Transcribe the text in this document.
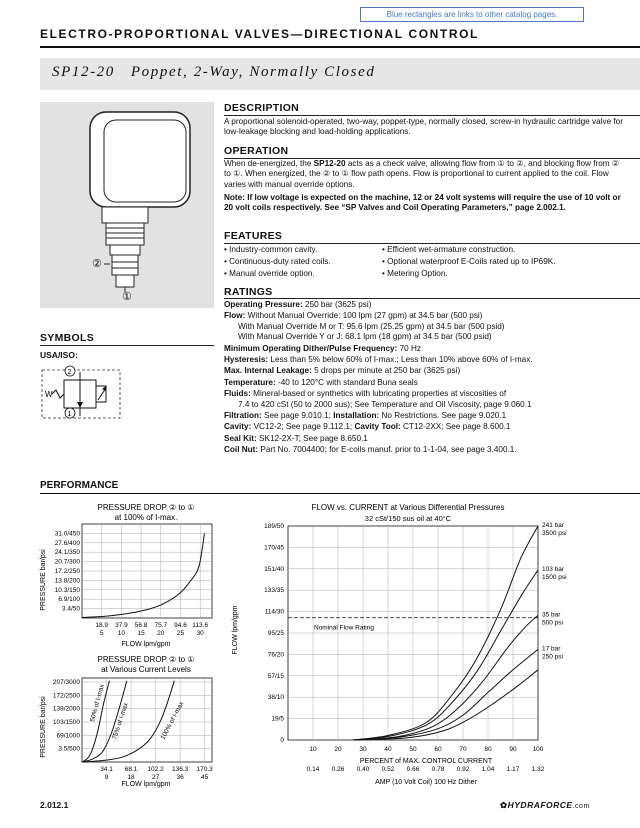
Blue rectangles are links to other catalog pages.
ELECTRO-PROPORTIONAL VALVES—DIRECTIONAL CONTROL
SP12-20   Poppet, 2-Way, Normally Closed
②
①
SYMBOLS
USA/ISO:
W
2
1
DESCRIPTION
A proportional solenoid-operated, two-way, poppet-type, normally closed, screw-in hydraulic cartridge valve for low-leakage blocking and load-holding applications.
OPERATION
When de-energized, the SP12-20 acts as a check valve, allowing flow from ① to ②, and blocking flow from ② to ①. When energized, the ② to ① flow path opens. Flow is proportional to current applied to the coil. Flow varies with manual override options.
Note: If low voltage is expected on the machine, 12 or 24 volt systems will require the use of 10 volt or 20 volt coils respectively. See “SP Valves and Coil Operating Parameters,” page 2.002.1.
FEATURES
• Industry-common cavity.
• Continuous-duty rated coils.
• Manual override option.
• Efficient wet-armature construction.
• Optional waterproof E-Coils rated up to IP69K.
• Metering Option.
RATINGS
Operating Pressure: 250 bar (3625 psi)
Flow: Without Manual Override: 100 lpm (27 gpm) at 34.5 bar (500 psi)
With Manual Override M or T: 95.6 lpm (25.25 gpm) at 34.5 bar (500 psid)
With Manual Override Y or J: 68.1 lpm (18 gpm) at 34.5 bar (500 psid)
Minimum Operating Dither/Pulse Frequency: 70 Hz
Hysteresis: Less than 5% below 60% of I-max.; Less than 10% above 60% of I-max.
Max. Internal Leakage: 5 drops per minute at 250 bar (3625 psi)
Temperature: -40 to 120°C with standard Buna seals
Fluids: Mineral-based or synthetics with lubricating properties at viscosities of
7.4 to 420 cSt (50 to 2000 sus); See Temperature and Oil Viscosity, page 9.060.1
Filtration: See page 9.010.1; Installation: No Restrictions. See page 9.020.1
Cavity: VC12-2; See page 9.112.1; Cavity Tool: CT12-2XX; See page 8.600.1
Seal Kit: SK12-2X-T; See page 8.650.1
Coil Nut: Part No. 7004400; for E-coils manuf. prior to 1-1-04, see page 3.400.1.
PERFORMANCE
PRESSURE DROP ② to ①
at 100% of I-max.
3.4/50
6.9/100
10.3/150
13.8/200
17.2/250
20.7/300
24.1/350
27.6/400
31.0/450
18.9
5
37.9
10
56.8
15
75.7
20
94.6
25
113.6
30
FLOW lpm/gpm
PRESSURE bar/psi
PRESSURE DROP ② to ①
at Various Current Levels
3.5/500
69/1000
103/1500
138/2000
172/2500
207/3000
34.1
9
68.1
18
102.2
27
136.3
36
170.3
45
50% of I-max 75% of I-max	100% of I-max
FLOW lpm/gpm
PRESSURE bar/psi
FLOW vs. CURRENT at Various Differential Pressures
32 cSt/150 sus oil at 40°C
0
19/5
38/10
57/15
76/20
95/25
114/30
133/35
151/40
170/45
189/50
10	20	30	40	50	60	70	80	90 100
0.14 0.26 0.40 0.52 0.66 0.78 0.92 1.04 1.17 1.32
241 bar
3500 psi
103 bar
1500 psi
35 bar
500 psi
17 bar
250 psi
Nominal Flow Rating
PERCENT of MAX. CONTROL CURRENT
AMP (10 Volt Coil) 100 Hz Dither
FLOW lpm/gpm
2.012.1	✿HYDRAFORCE.com
